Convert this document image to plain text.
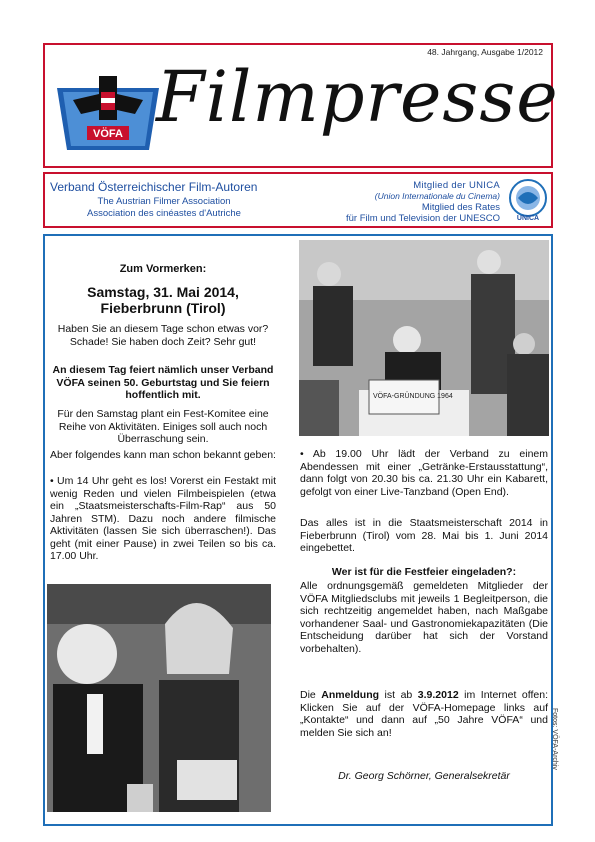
48. Jahrgang, Ausgabe 1/2012
VÖFA Filmpresse
Verband Österreichischer Film-Autoren
The Austrian Filmer Association
Association des cinéastes d'Autriche
Mitglied der UNICA
(Union Internationale du Cinema)
Mitglied des Rates
für Film und Television der UNESCO UNICA
Zum Vormerken:
Samstag, 31. Mai 2014, Fieberbrunn (Tirol)
Haben Sie an diesem Tage schon etwas vor? Schade! Sie haben doch Zeit? Sehr gut!
An diesem Tag feiert nämlich unser Verband VÖFA seinen 50. Geburtstag und Sie feiern hoffentlich mit.
Für den Samstag plant ein Fest-Komitee eine Reihe von Aktivitäten. Einiges soll auch noch Überraschung sein.
Aber folgendes kann man schon bekannt geben:
• Um 14 Uhr geht es los! Vorerst ein Festakt mit wenig Reden und vielen Filmbeispielen (etwa ein „Staatsmeisterschafts-Film-Rap“ aus 50 Jahren STM). Dazu noch andere filmische Aktivitäten (lassen Sie sich überraschen!). Das geht (mit einer Pause) in zwei Teilen so bis ca. 17.00 Uhr.
VÖFA-GRÜNDUNG 1964
• Ab 19.00 Uhr lädt der Verband zu einem Abendessen mit einer „Getränke-Erstausstattung“, dann folgt von 20.30 bis ca. 21.30 Uhr ein Kabarett, gefolgt von einer Live-Tanzband (Open End).
Das alles ist in die Staatsmeisterschaft 2014 in Fieberbrunn (Tirol) vom 28. Mai bis 1. Juni 2014 eingebettet.
Wer ist für die Festfeier eingeladen?:
Alle ordnungsgemäß gemeldeten Mitglieder der VÖFA Mitgliedsclubs mit jeweils 1 Begleitperson, die sich rechtzeitig angemeldet haben, nach Maßgabe vorhandener Saal- und Gastronomiekapazitäten (Die Entscheidung darüber hat sich der Vorstand vorbehalten).
Die Anmeldung ist ab 3.9.2012 im Internet offen: Klicken Sie auf der VÖFA-Homepage links auf „Kontakte“ und dann auf „50 Jahre VÖFA“ und melden Sie sich an!
Dr. Georg Schörner, Generalsekretär
Fotos: VÖFA-Archiv
